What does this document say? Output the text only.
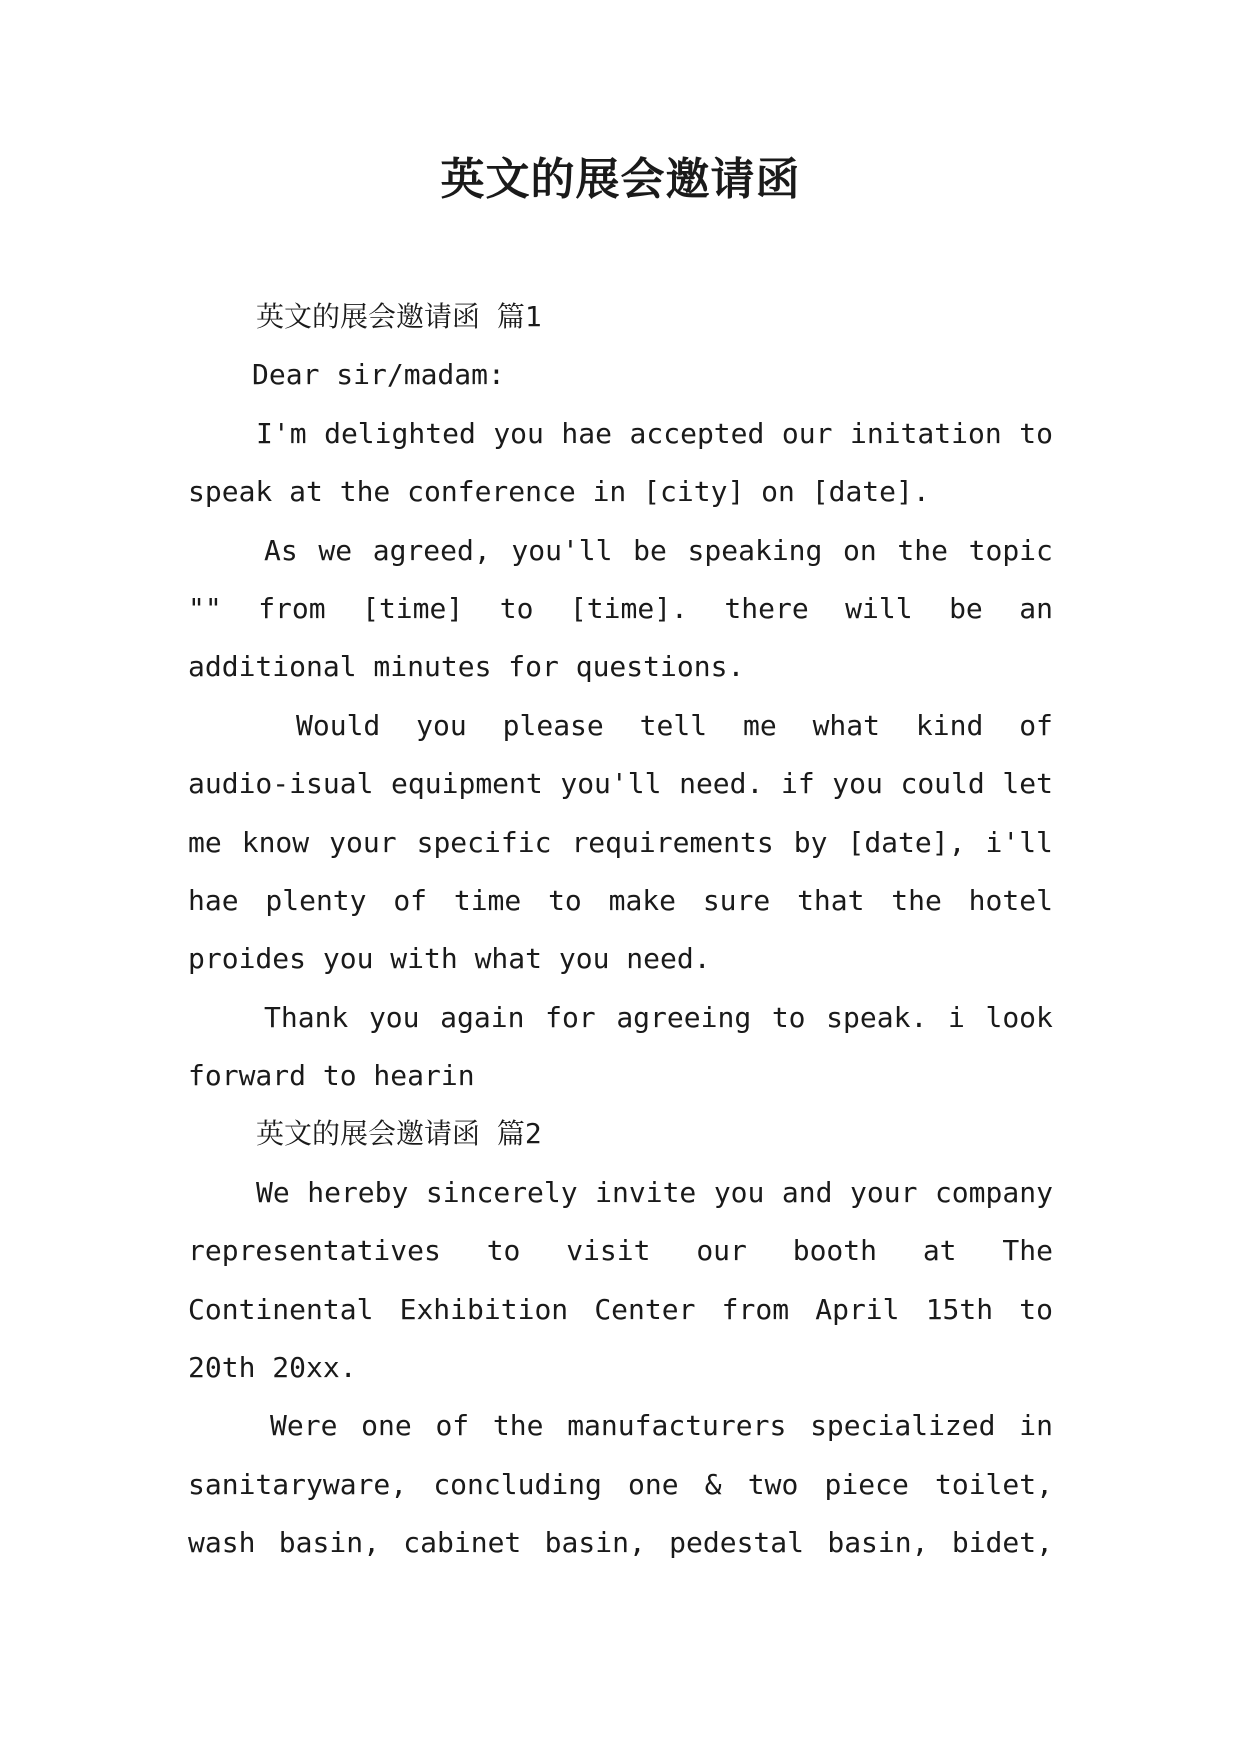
英文的展会邀请函
英文的展会邀请函 篇1
Dear sir/madam:
I'm delighted you hae accepted our initation to
speak at the conference in [city] on [date].
As we agreed, you'll be speaking on the topic
"" from [time] to [time]. there will be an
additional minutes for questions.
Would you please tell me what kind of
audio-isual equipment you'll need. if you could let
me know your specific requirements by [date], i'll
hae plenty of time to make sure that the hotel
proides you with what you need.
Thank you again for agreeing to speak. i look
forward to hearin
英文的展会邀请函 篇2
We hereby sincerely invite you and your company
representatives to visit our booth at The
Continental Exhibition Center from April 15th to
20th 20xx.
Were one of the manufacturers specialized in
sanitaryware, concluding one & two piece toilet,
wash basin, cabinet basin, pedestal basin, bidet,
